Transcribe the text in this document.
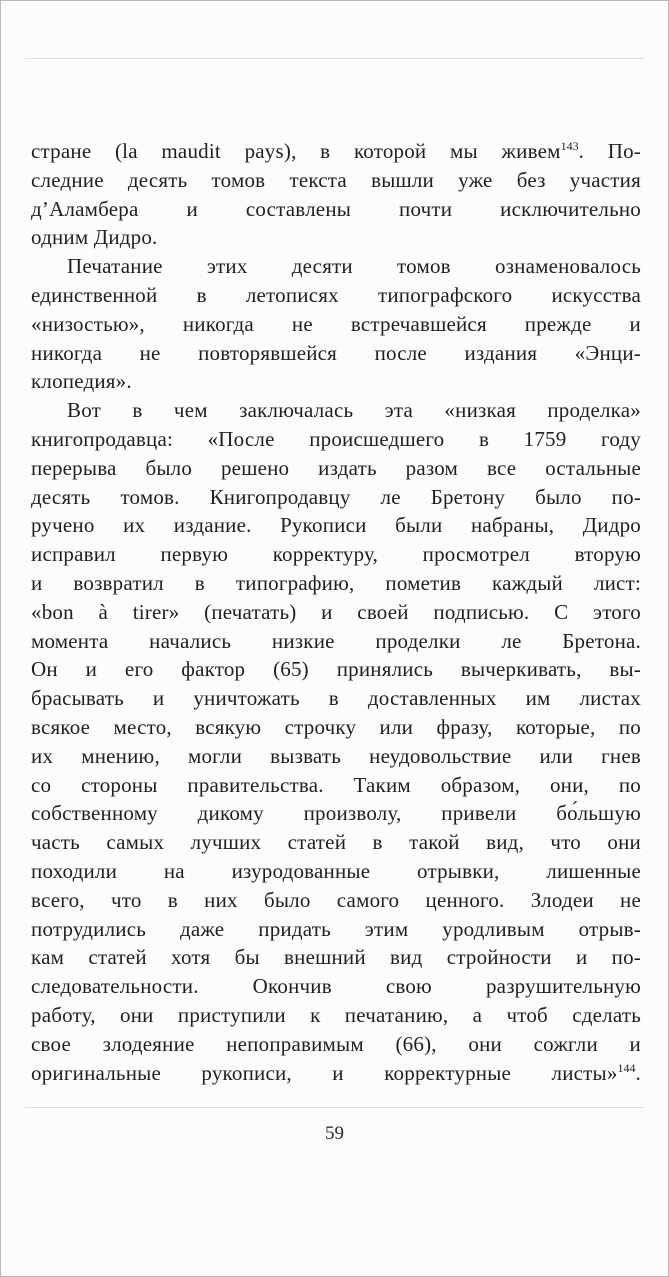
стране (la maudit pays), в которой мы живем$^{143}$. По-
следние десять томов текста вышли уже без участия
д’Аламбера и составлены почти исключительно
одним Дидро.
Печатание этих десяти томов ознаменовалось
единственной в летописях типографского искусства
«низостью», никогда не встречавшейся прежде и
никогда не повторявшейся после издания «Энци-
клопедия».
Вот в чем заключалась эта «низкая проделка»
книгопродавца: «После происшедшего в 1759 году
перерыва было решено издать разом все остальные
десять томов. Книгопродавцу ле Бретону было по-
ручено их издание. Рукописи были набраны, Дидро
исправил первую корректуру, просмотрел вторую
и возвратил в типографию, пометив каждый лист:
«bon à tirer» (печатать) и своей подписью. С этого
момента начались низкие проделки ле Бретона.
Он и его фактор (65) принялись вычеркивать, вы-
брасывать и уничтожать в доставленных им листах
всякое место, всякую строчку или фразу, которые, по
их мнению, могли вызвать неудовольствие или гнев
со стороны правительства. Таким образом, они, по
собственному дикому произволу, привели бо́льшую
часть самых лучших статей в такой вид, что они
походили на изуродованные отрывки, лишенные
всего, что в них было самого ценного. Злодеи не
потрудились даже придать этим уродливым отрыв-
кам статей хотя бы внешний вид стройности и по-
следовательности. Окончив свою разрушительную
работу, они приступили к печатанию, а чтоб сделать
свое злодеяние непоправимым (66), они сожгли и
оригинальные рукописи, и корректурные листы»$^{144}$.
59
